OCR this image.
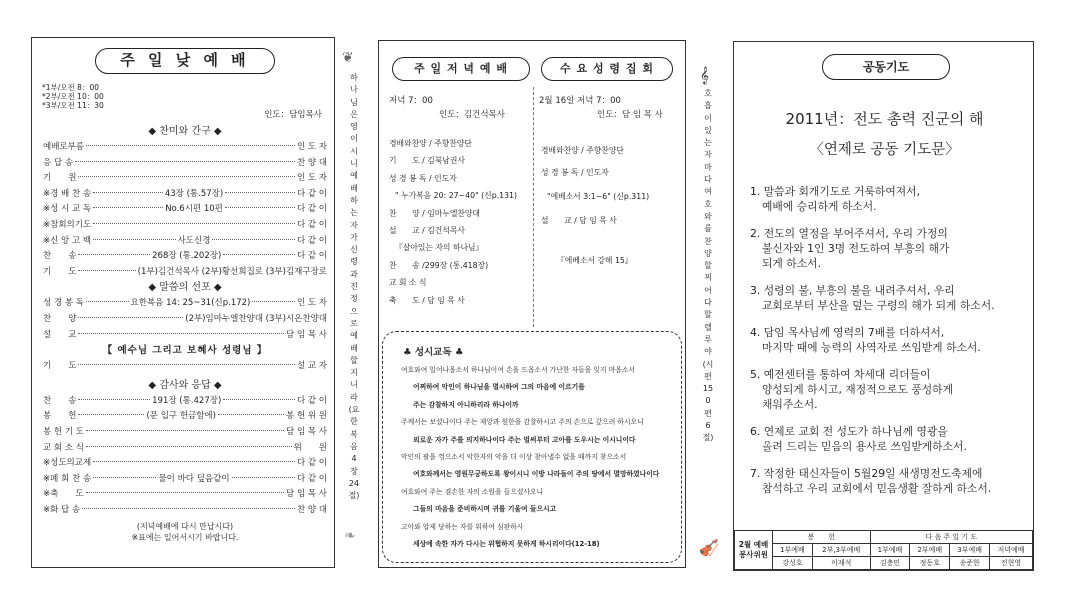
주 일 낮 예 배
*1부/오전 8：00
*2부/오전 10：00
*3부/오전 11：30
인도：담임목사
◆ 찬미와 간구 ◆
예배로부름	인 도 자
응 답 송	찬 양 대
기　　원	인 도 자
※경 배 찬 송	43장 (통.57장)	다 같 이
※성 시 교 독	No.6시편 10편	다 같 이
※참회의기도	다 같 이
※신 앙 고 백	사도신경	다 같 이
찬　　송	268장 (통.202장)	다 같 이
기　　도	(1부)김건석목사 (2부)황선희집로 (3부)김재구장로
◆ 말씀의 선포 ◆
성 경 봉 독	요한복음 14: 25~31(신p.172)	인 도 자
찬　　양	(2부)임마누엘찬양대 (3부)시온찬양대
설　　교	담 임 목 사
【 예수님 그리고 보혜사 성령님 】
기　　도	설 교 자
◆ 감사와 응답 ◆
찬　　송	191장 (통.427장)	다 같 이
봉　　헌	(문 입구 헌금함에)	봉 헌 위 원
봉 헌 기 도	담 임 목 사
교 회 소 식	위　　원
※성도의교제	다 같 이
※폐 회 찬 송	물이 바다 덮음같이	다 같 이
※축　　도	담 임 목 사
※화 답 송	찬 양 대
(저녁예배에 다시 만납시다)
※표에는 일어서시기 바랍니다.
❦
하나님은 영이시니 예배하는 자가 신령과 진정으로 예배할지니라 (요한복음 4장 24절)
❧
주 일 저 녁 예 배	수 요 성 령 집 회
저녁 7：00
인도：김건석목사
경배와찬양 / 주향찬양단
기　　도 / 김북남권사
성 경 봉 독 / 인도자
" 누가복음 20: 27~40" (신p.131)
찬　　양 / 임마누엘찬양대
설　　교 / 김건석목사
『살아있는 자의 하나님』
찬　　송 /299장 (통.418장)
교 회 소 식
축　　도 / 담 임 목 사
2월 16일 저녁 7：00
인도：담 임 목 사
경배와찬양 / 주향찬양단
성 경 봉 독 / 인도자
"에베소서 3:1~6" (신p.311)
설　　교 / 담 임 목 사
『에베소서 강해 15』
♣ 성시교독 ♣
여호와여 일어나옵소서 하나님이여 손을 드옵소서 가난한 자들을 잊지 마옵소서
어찌하여 악인이 하나님을 멸시하여 그의 마음에 이르기를
주는 감찰하지 아니하리라 하나이까
주께서는 보셨나이다 주는 재앙과 원한을 감찰하시고 주의 손으로 갚으려 하시오니
외로운 자가 주를 의지하나이다 주는 벌써부터 고아를 도우시는 이시니이다
악인의 팔을 꺾으소서 악한자의 악을 더 이상 찾아낼수 없을 때까지 찾으소서
여호와께서는 영원무궁하도록 왕이시니 이방 나라들이 주의 땅에서 멸망하였나이다
여호와여 주는 겸손한 자의 소원을 들으셨사오니
그들의 마음을 준비하시며 귀를 기울여 들으시고
고아와 압제 당하는 자를 위하여 심판하사
세상에 속한 자가 다시는 위협하지 못하게 하시리이다(12-18)
𝄞
호흡이 있는 자마다 여호와를 찬양할찌어다 할렐루야 (시편 150편 6절)
🎻
공동기도
2011년：전도 총력 진군의 해
〈연제로 공동 기도문〉
1. 말씀과 회개기도로 거룩하여져서,
예배에 승리하게 하소서.
2. 전도의 열정을 부어주셔서, 우리 가정의
불신자와 1인 3명 전도하여 부흥의 해가
되게 하소서.
3. 성령의 불, 부흥의 불을 내려주셔서, 우리
교회로부터 부산을 덮는 구령의 해가 되게 하소서.
4. 담임 목사님께 영력의 7배를 더하셔서,
마지막 때에 능력의 사역자로 쓰임받게 하소서.
5. 예전센터를 통하여 차세대 리더들이
양성되게 하시고, 재정적으로도 풍성하게
채워주소서.
6. 연제로 교회 전 성도가 하나님께 영광을
올려 드리는 믿음의 용사로 쓰임받게하소서.
7. 작정한 태신자들이 5월29일 새생명전도축제에
참석하고 우리 교회에서 믿음생활 잘하게 하소서.
2월 예배
봉사위원	봉　　헌		다 음 주 일 기 도			
	1부예배	2부,3부예배	1부예배	2부예배	3부예배	저녁예배
	강성호	이재석	김충민	정동호	송준한	전현영
